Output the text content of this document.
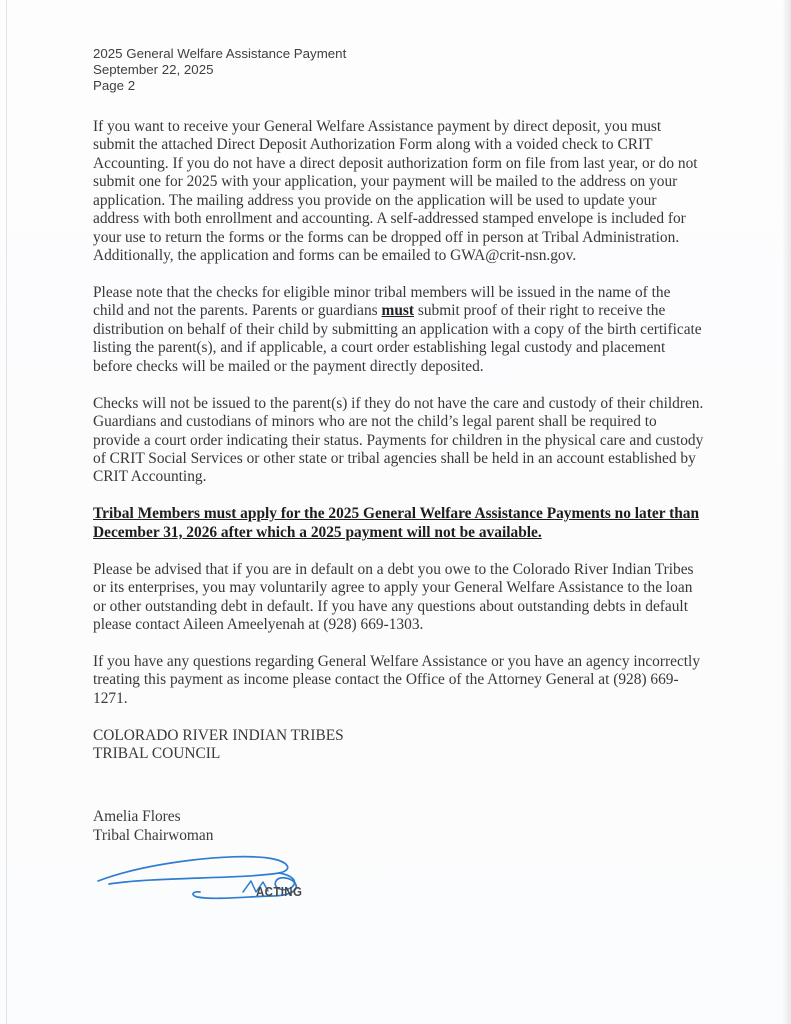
2025 General Welfare Assistance Payment
September 22, 2025
Page 2

If you want to receive your General Welfare Assistance payment by direct deposit, you must submit the attached Direct Deposit Authorization Form along with a voided check to CRIT Accounting. If you do not have a direct deposit authorization form on file from last year, or do not submit one for 2025 with your application, your payment will be mailed to the address on your application. The mailing address you provide on the application will be used to update your address with both enrollment and accounting. A self-addressed stamped envelope is included for your use to return the forms or the forms can be dropped off in person at Tribal Administration. Additionally, the application and forms can be emailed to GWA@crit-nsn.gov.

Please note that the checks for eligible minor tribal members will be issued in the name of the child and not the parents. Parents or guardians must submit proof of their right to receive the distribution on behalf of their child by submitting an application with a copy of the birth certificate listing the parent(s), and if applicable, a court order establishing legal custody and placement before checks will be mailed or the payment directly deposited.

Checks will not be issued to the parent(s) if they do not have the care and custody of their children. Guardians and custodians of minors who are not the child’s legal parent shall be required to provide a court order indicating their status. Payments for children in the physical care and custody of CRIT Social Services or other state or tribal agencies shall be held in an account established by CRIT Accounting.

Tribal Members must apply for the 2025 General Welfare Assistance Payments no later than December 31, 2026 after which a 2025 payment will not be available.

Please be advised that if you are in default on a debt you owe to the Colorado River Indian Tribes or its enterprises, you may voluntarily agree to apply your General Welfare Assistance to the loan or other outstanding debt in default. If you have any questions about outstanding debts in default please contact Aileen Ameelyenah at (928) 669-1303.

If you have any questions regarding General Welfare Assistance or you have an agency incorrectly treating this payment as income please contact the Office of the Attorney General at (928) 669-1271.

COLORADO RIVER INDIAN TRIBES
TRIBAL COUNCIL
Amelia Flores
Tribal Chairwoman
ACTING
